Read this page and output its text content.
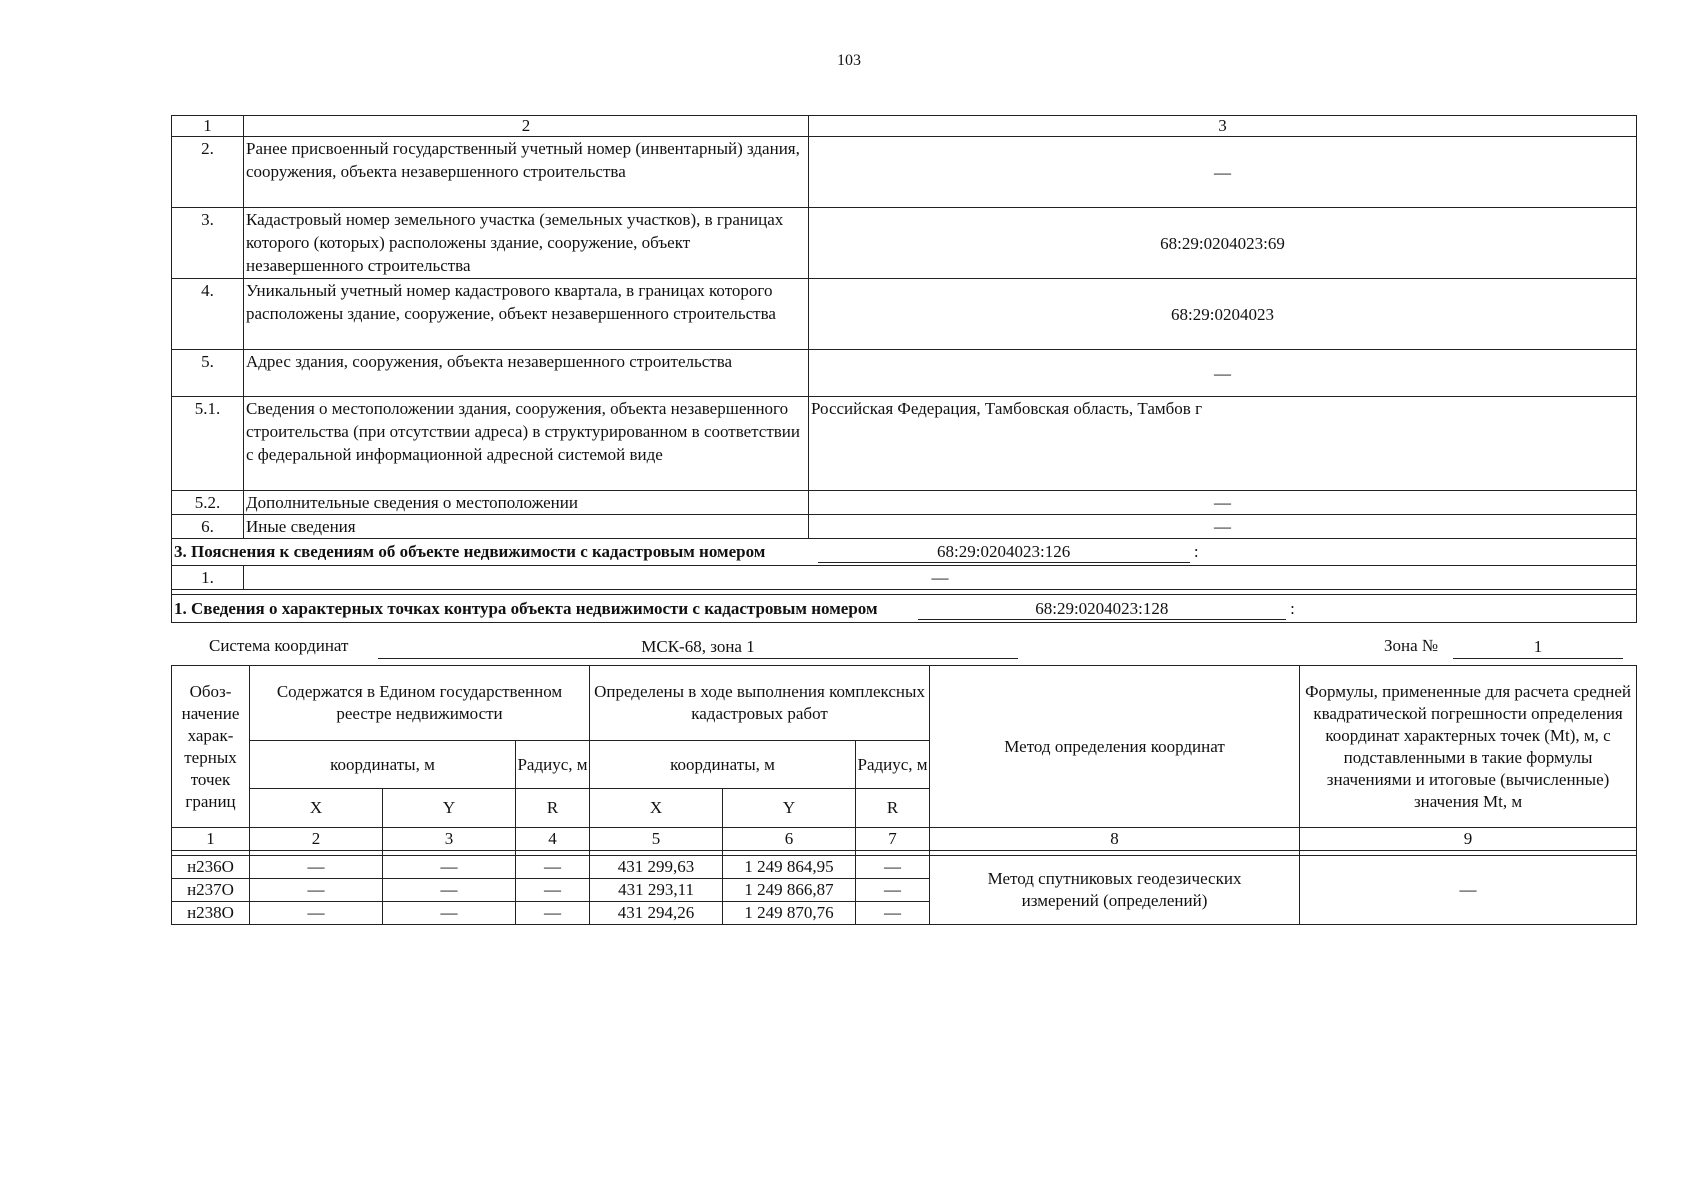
103
1	2	3
2.	Ранее присвоенный государственный учетный номер (инвентарный) здания, сооружения, объекта незавершенного строительства	—
3.	Кадастровый номер земельного участка (земельных участков), в границах которого (которых) расположены здание, сооружение, объект незавершенного строительства	68:29:0204023:69
4.	Уникальный учетный номер кадастрового квартала, в границах которого расположены здание, сооружение, объект незавершенного строительства	68:29:0204023
5.	Адрес здания, сооружения, объекта незавершенного строительства	—
5.1.	Сведения о местоположении здания, сооружения, объекта незавершенного строительства (при отсутствии адреса) в структурированном в соответствии с федеральной информационной адресной системой виде	Российская Федерация, Тамбовская область, Тамбов г
5.2.	Дополнительные сведения о местоположении	—
6.	Иные сведения	—
3. Пояснения к сведениям об объекте недвижимости с кадастровым номером 68:29:0204023:126 :		
1.	—	

1. Сведения о характерных точках контура объекта недвижимости с кадастровым номером 68:29:0204023:128 :		
Система координат	МСК-68, зона 1	Зона №	1
Обоз-начение харак-терных точек границ	Содержатся в Едином государственном реестре недвижимости			Определены в ходе выполнения комплексных кадастровых работ			Метод определения координат	Формулы, примененные для расчета средней квадратической погрешности определения координат характерных точек (Mt), м, с подставленными в такие формулы значениями и итоговые (вычисленные) значения Mt, м
	координаты, м		Радиус, м	координаты, м		Радиус, м		
	X	Y	R	X	Y	R		
1	2	3	4	5	6	7	8	9

н236О	—	—	—	431 299,63	1 249 864,95	—	Метод спутниковых геодезических измерений (определений)	—
н237О	—	—	—	431 293,11	1 249 866,87	—		
н238О	—	—	—	431 294,26	1 249 870,76	—		
